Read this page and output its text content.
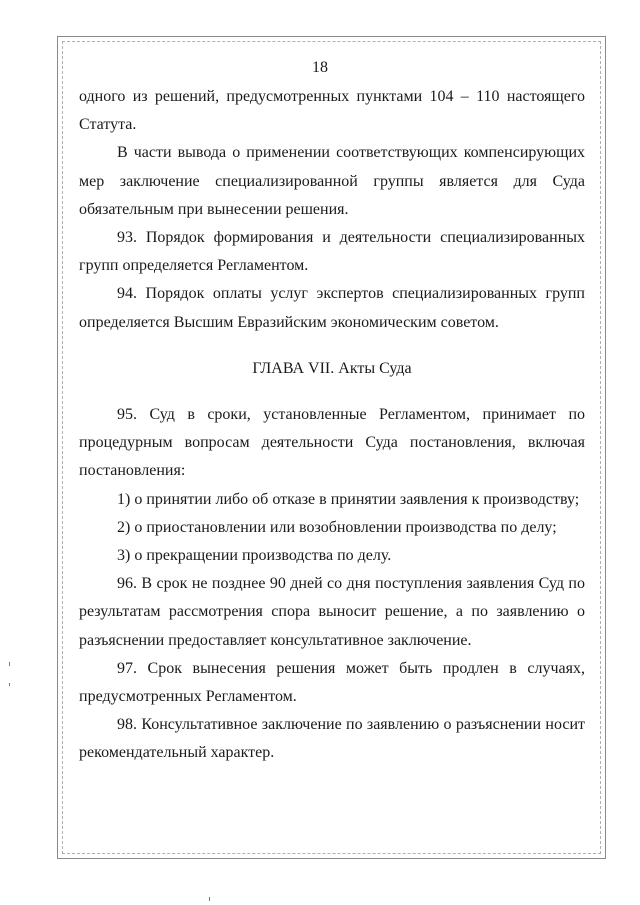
18

одного из решений, предусмотренных пунктами 104 – 110 настоящего Статута.

В части вывода о применении соответствующих компенсирующих мер заключение специализированной группы является для Суда обязательным при вынесении решения.

93. Порядок формирования и деятельности специализированных групп определяется Регламентом.

94. Порядок оплаты услуг экспертов специализированных групп определяется Высшим Евразийским экономическим советом.

ГЛАВА VII. Акты Суда

95. Суд в сроки, установленные Регламентом, принимает по процедурным вопросам деятельности Суда постановления, включая постановления:

1) о принятии либо об отказе в принятии заявления к производству;

2) о приостановлении или возобновлении производства по делу;

3) о прекращении производства по делу.

96. В срок не позднее 90 дней со дня поступления заявления Суд по результатам рассмотрения спора выносит решение, а по заявлению о разъяснении предоставляет консультативное заключение.

97. Срок вынесения решения может быть продлен в случаях, предусмотренных Регламентом.

98. Консультативное заключение по заявлению о разъяснении носит рекомендательный характер.
